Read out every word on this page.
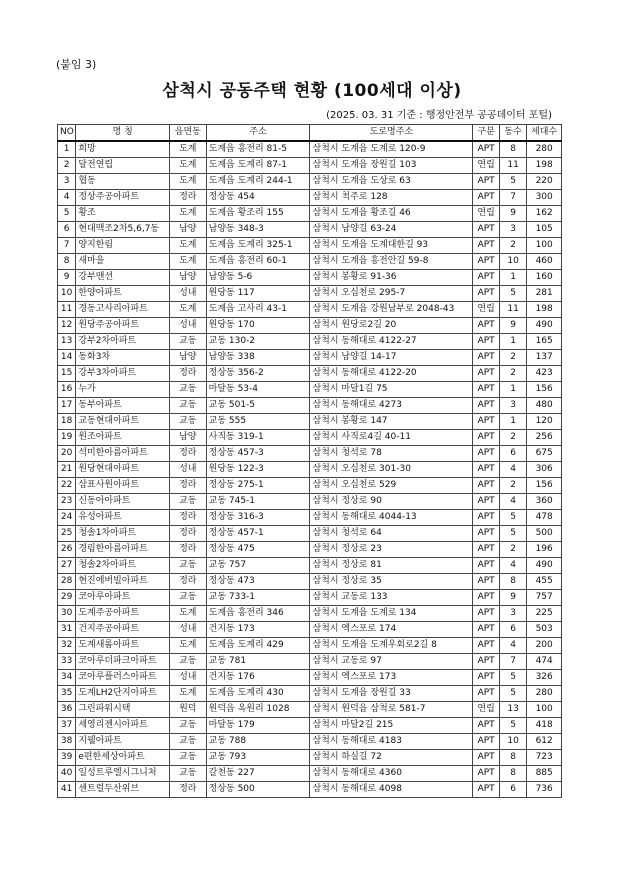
(붙임 3)
삼척시 공동주택 현황 (100세대 이상)
(2025. 03. 31 기준 : 행정안전부 공공데이터 포털)
NO	명 칭	읍면동	주소	도로명주소	구분	동수	세대수
1	희망	도계	도계읍 흥전리 81-5	삼척시 도계읍 도계로 120-9	APT	8	280
2	달전연립	도계	도계읍 도계리 87-1	삼척시 도계읍 장원길 103	연립	11	198
3	협동	도계	도계읍 도계리 244-1	삼척시 도계읍 도상로 63	APT	5	220
4	정상주공아파트	정라	정상동 454	삼척시 척주로 128	APT	7	300
5	황조	도계	도계읍 황조리 155	삼척시 도계읍 황조길 46	연립	9	162
6	현대맥조2차5,6,7동	남양	남양동 348-3	삼척시 남양길 63-24	APT	3	105
7	양지한림	도계	도계읍 도계리 325-1	삼척시 도계읍 도계대한길 93	APT	2	100
8	새마을	도계	도계읍 흥전리 60-1	삼척시 도계읍 흥전안길 59-8	APT	10	460
9	강부맨션	남양	남양동 5-6	삼척시 봉황로 91-36	APT	1	160
10	한양아파트	성내	원당동 117	삼척시 오십천로 295-7	APT	5	281
11	경동고사리아파트	도계	도계읍 고사리 43-1	삼척시 도계읍 강원남부로 2048-43	연립	11	198
12	원당주공아파트	성내	원당동 170	삼척시 원당로2길 20	APT	9	490
13	강부2차아파트	교동	교동 130-2	삼척시 동해대로 4122-27	APT	1	165
14	동화3차	남양	남양동 338	삼척시 남양길 14-17	APT	2	137
15	강부3차아파트	정라	정상동 356-2	삼척시 동해대로 4122-20	APT	2	423
16	누가	교동	마달동 53-4	삼척시 마달1길 75	APT	1	156
17	동부아파트	교동	교동 501-5	삼척시 동해대로 4273	APT	3	480
18	교동현대아파트	교동	교동 555	삼척시 봉황로 147	APT	1	120
19	원조아파트	남양	사직동 319-1	삼척시 사직로4길 40-11	APT	2	256
20	석미한아름아파트	정라	정상동 457-3	삼척시 청석로 78	APT	6	675
21	원당현대아파트	성내	원당동 122-3	삼척시 오십천로 301-30	APT	4	306
22	삼표사원아파트	정라	정상동 275-1	삼척시 오십천로 529	APT	2	156
23	신동아아파트	교동	교동 745-1	삼척시 정상로 90	APT	4	360
24	유성아파트	정라	정상동 316-3	삼척시 동해대로 4044-13	APT	5	478
25	청솔1차아파트	정라	정상동 457-1	삼척시 청석로 64	APT	5	500
26	경림한아름아파트	정라	정상동 475	삼척시 정상로 23	APT	2	196
27	청솔2차아파트	교동	교동 757	삼척시 정상로 81	APT	4	490
28	현진에버빌아파트	정라	정상동 473	삼척시 정상로 35	APT	8	455
29	코아루아파트	교동	교동 733-1	삼척시 교동로 133	APT	9	757
30	도계주공아파트	도계	도계읍 흥전리 346	삼척시 도계읍 도계로 134	APT	3	225
31	건지주공아파트	성내	건지동 173	삼척시 엑스포로 174	APT	6	503
32	도계새롬아파트	도계	도계읍 도계리 429	삼척시 도계읍 도계우회로2길 8	APT	4	200
33	코아루더파크아파트	교동	교동 781	삼척시 교동로 97	APT	7	474
34	코아루플러스아파트	성내	건지동 176	삼척시 엑스포로 173	APT	5	326
35	도계LH2단지아파트	도계	도계읍 도계리 430	삼척시 도계읍 장원길 33	APT	5	280
36	그린파워시택	원덕	원덕읍 옥원리 1028	삼척시 원덕읍 삼척로 581-7	연립	13	100
37	세영리젠시아파트	교동	마달동 179	삼척시 마달2길 215	APT	5	418
38	지웰아파트	교동	교동 788	삼척시 동해대로 4183	APT	10	612
39	e편한세상아파트	교동	교동 793	삼척시 하실길 72	APT	8	723
40	일성트루엘시그니처	교동	갈천동 227	삼척시 동해대로 4360	APT	8	885
41	센트럴두산위브	정라	정상동 500	삼척시 동해대로 4098	APT	6	736
